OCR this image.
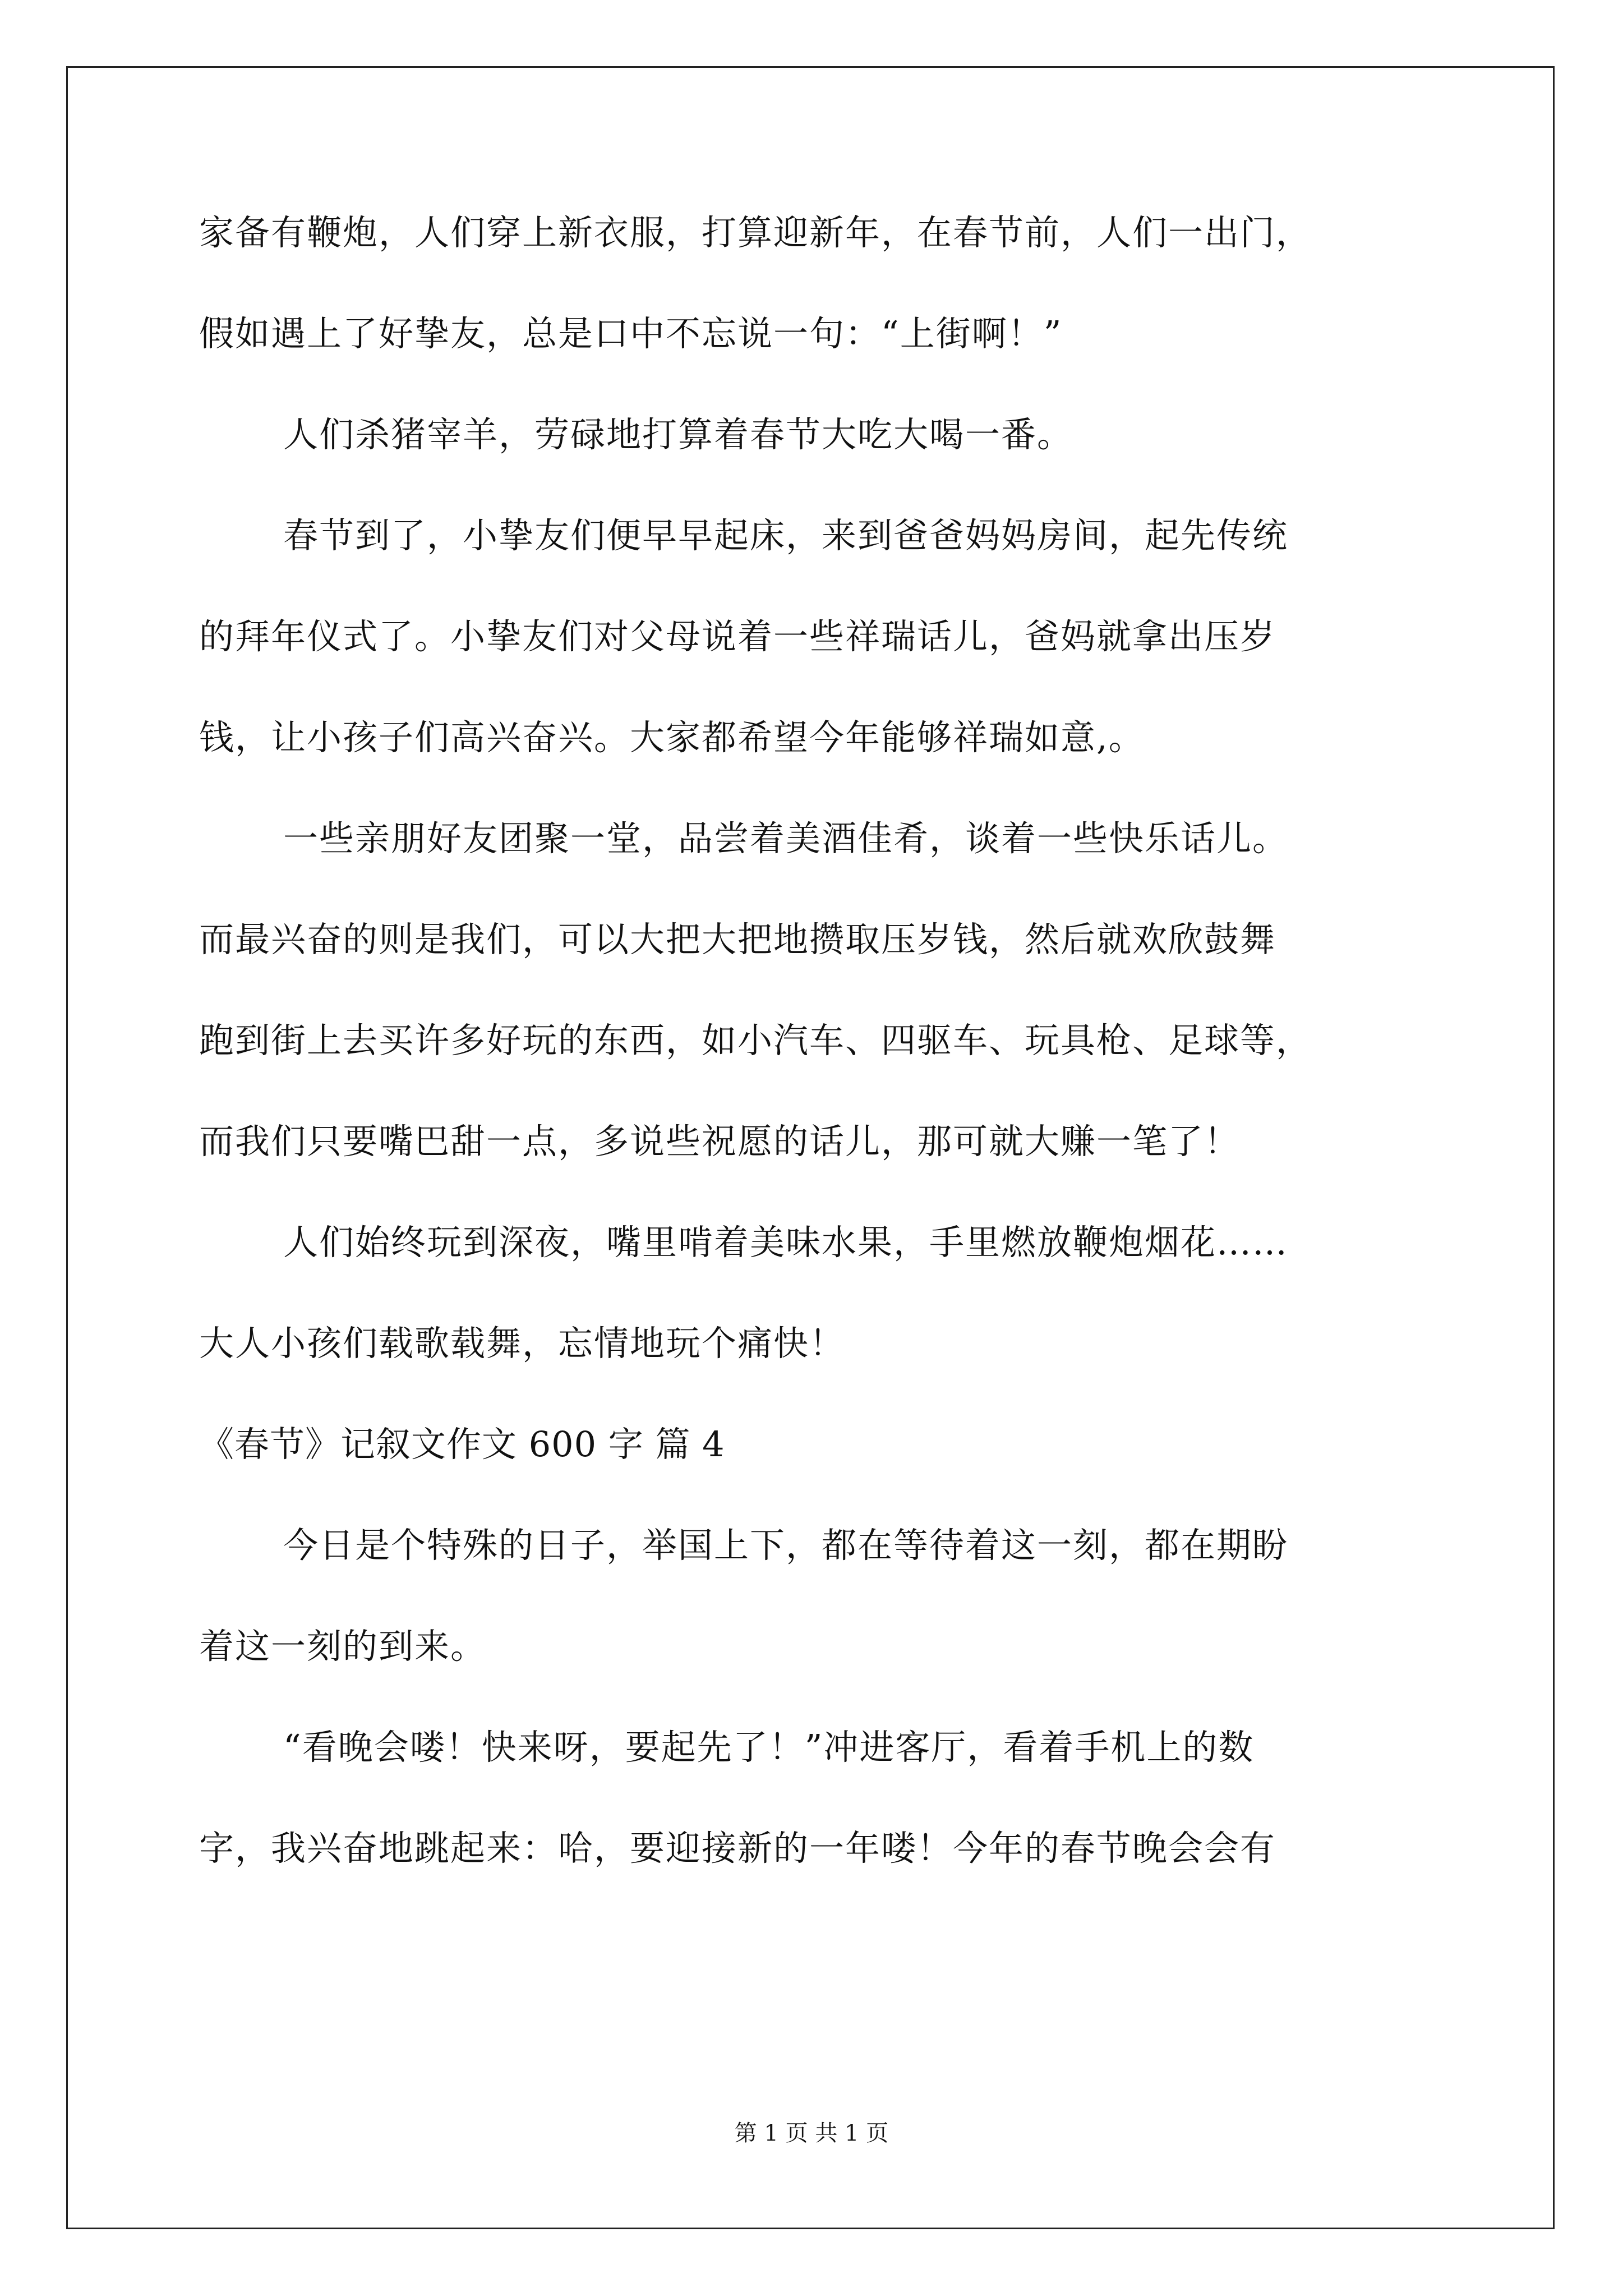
家备有鞭炮，人们穿上新衣服，打算迎新年，在春节前，人们一出门，
假如遇上了好挚友，总是口中不忘说一句：“上街啊！”
人们杀猪宰羊，劳碌地打算着春节大吃大喝一番。
春节到了，小挚友们便早早起床，来到爸爸妈妈房间，起先传统
的拜年仪式了。小挚友们对父母说着一些祥瑞话儿，爸妈就拿出压岁
钱，让小孩子们高兴奋兴。大家都希望今年能够祥瑞如意,。
一些亲朋好友团聚一堂，品尝着美酒佳肴，谈着一些快乐话儿。
而最兴奋的则是我们，可以大把大把地攒取压岁钱，然后就欢欣鼓舞
跑到街上去买许多好玩的东西，如小汽车、四驱车、玩具枪、足球等，
而我们只要嘴巴甜一点，多说些祝愿的话儿，那可就大赚一笔了！
人们始终玩到深夜，嘴里啃着美味水果，手里燃放鞭炮烟花……
大人小孩们载歌载舞，忘情地玩个痛快！
《春节》记叙文作文 600 字 篇 4
今日是个特殊的日子，举国上下，都在等待着这一刻，都在期盼
着这一刻的到来。
“看晚会喽！快来呀，要起先了！”冲进客厅，看着手机上的数
字，我兴奋地跳起来：哈，要迎接新的一年喽！今年的春节晚会会有
第 1 页 共 1 页
